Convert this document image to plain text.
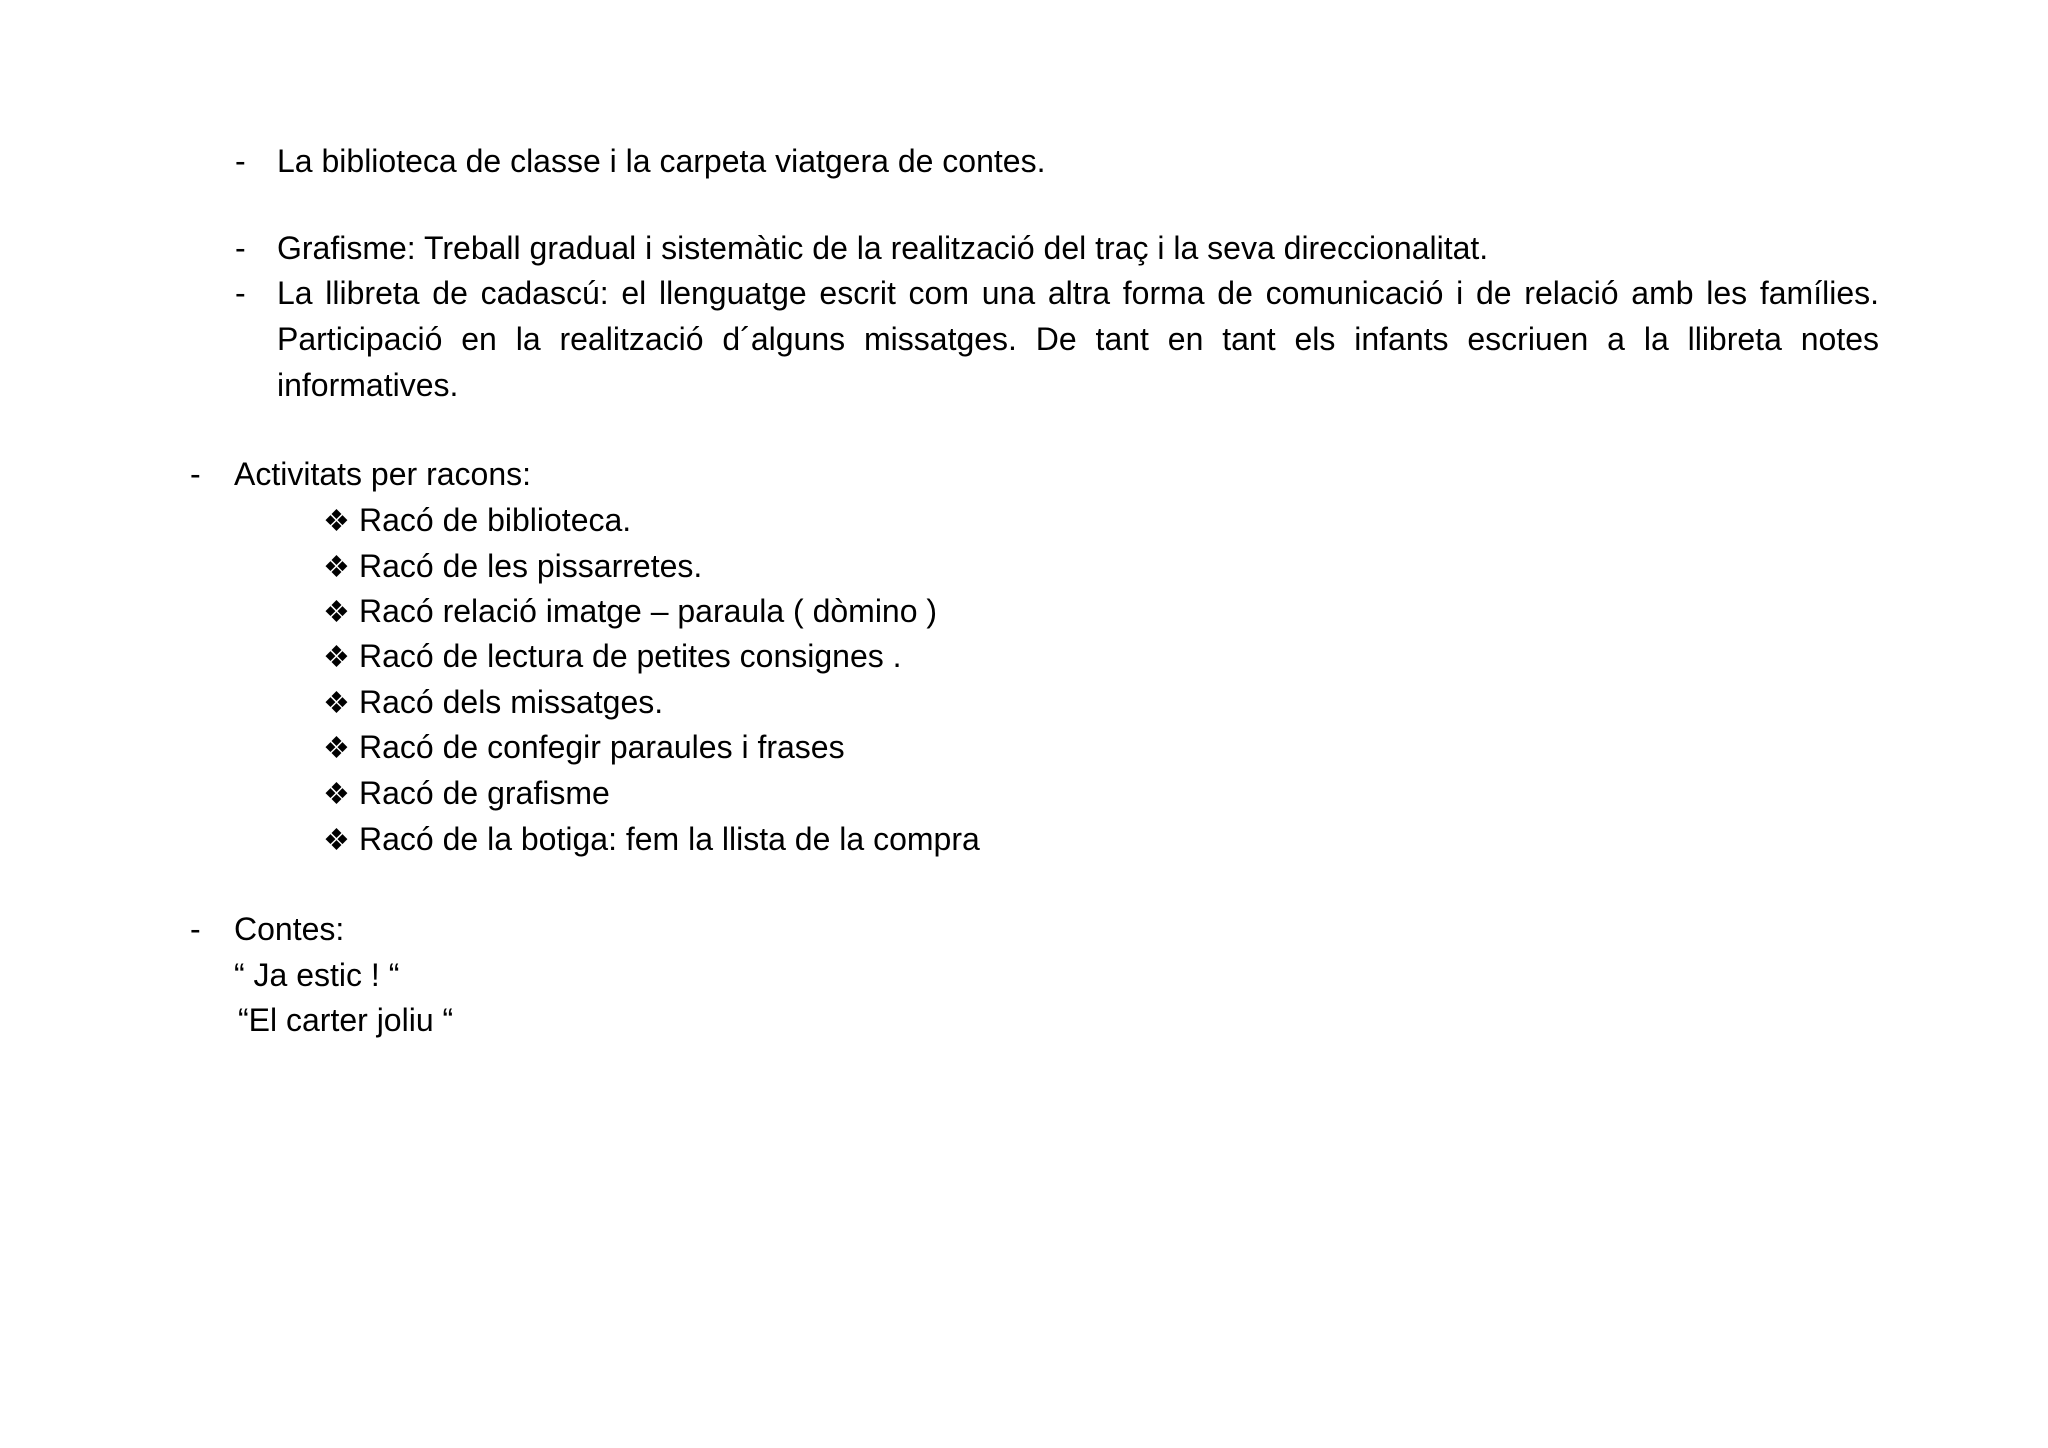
- La biblioteca de classe i la carpeta viatgera de contes.
- Grafisme: Treball gradual i sistemàtic de la realització del traç i la seva direccionalitat.
- La llibreta de cadascú: el llenguatge escrit com una altra forma de comunicació i de relació amb les famílies. Participació en la realització d´alguns missatges. De tant en tant els infants escriuen a la llibreta notes informatives.
- Activitats per racons:
❖ Racó de biblioteca.
❖ Racó de les pissarretes.
❖ Racó relació imatge – paraula ( dòmino )
❖ Racó de lectura de petites consignes .
❖ Racó dels missatges.
❖ Racó de confegir paraules i frases
❖ Racó de grafisme
❖ Racó de la botiga: fem la llista de la compra
- Contes:
“ Ja estic ! “
“El carter joliu “
